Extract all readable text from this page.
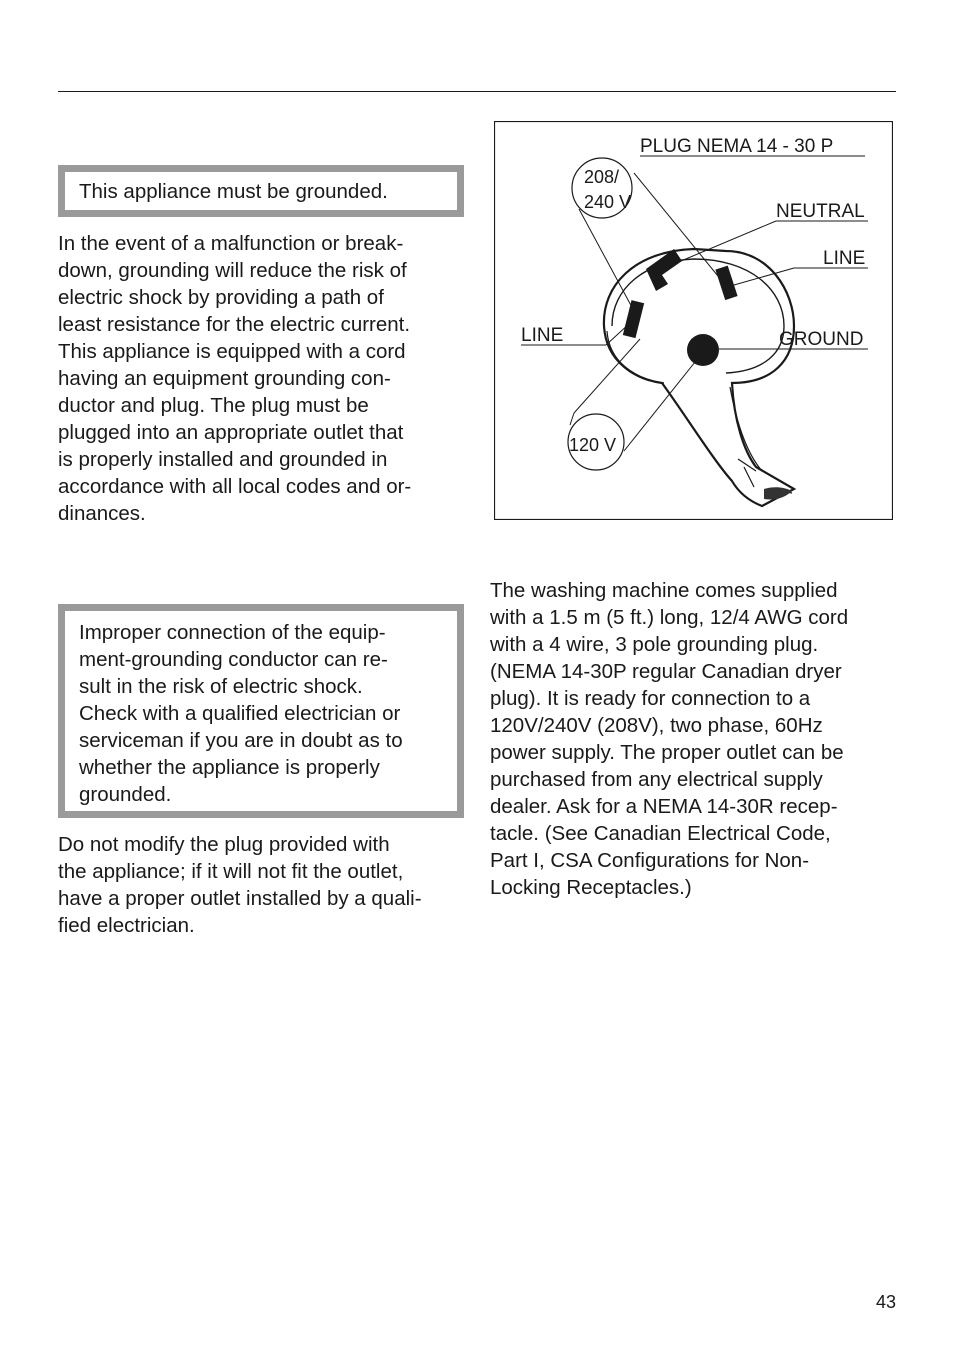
This appliance must be grounded.

In the event of a malfunction or break-

down, grounding will reduce the risk of

electric shock by providing a path of

least resistance for the electric current.

This appliance is equipped with a cord

having an equipment grounding con-

ductor and plug. The plug must be

plugged into an appropriate outlet that

is properly installed and grounded in

accordance with all local codes and or-

dinances.

Improper connection of the equip-

ment-grounding conductor can re-

sult in the risk of electric shock.

Check with a qualified electrician or

serviceman if you are in doubt as to

whether the appliance is properly

grounded.

Do not modify the plug provided with

the appliance; if it will not fit the outlet,

have a proper outlet installed by a quali-

fied electrician.

PLUG NEMA 14 - 30 P
208/
240 V	NEUTRAL
LINE
LINE	GROUND
120 V

The washing machine comes supplied

with a 1.5 m (5 ft.) long, 12/4 AWG cord

with a 4 wire, 3 pole grounding plug.

(NEMA 14-30P regular Canadian dryer

plug). It is ready for connection to a

120V/240V (208V), two phase, 60Hz

power supply. The proper outlet can be

purchased from any electrical supply

dealer. Ask for a NEMA 14-30R recep-

tacle. (See Canadian Electrical Code,

Part I, CSA Configurations for Non-

Locking Receptacles.)

43
